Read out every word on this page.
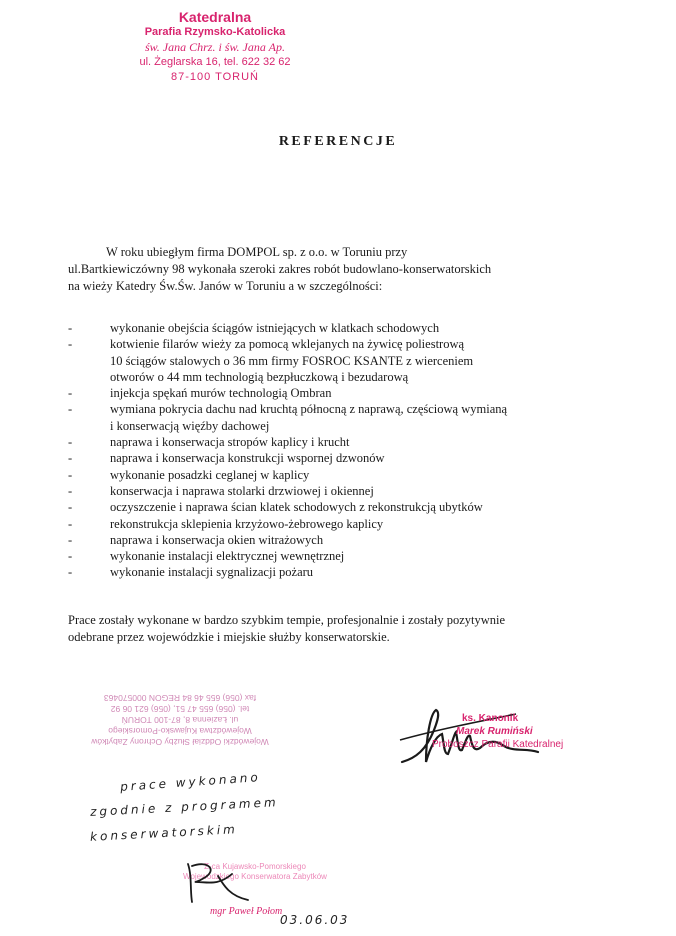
Katedralna
Parafia Rzymsko-Katolicka
św. Jana Chrz. i św. Jana Ap.
ul. Żeglarska 16, tel. 622 32 62
87-100 TORUŃ
REFERENCJE
W roku ubiegłym firma DOMPOL sp. z o.o. w Toruniu przy
ul.Bartkiewiczówny 98 wykonała szeroki zakres robót budowlano-konserwatorskich
na wieży Katedry Św.Św. Janów w Toruniu a w szczególności:
-	wykonanie obejścia ściągów istniejących w klatkach schodowych
-	kotwienie filarów wieży za pomocą wklejanych na żywicę poliestrową
10 ściągów stalowych o 36 mm firmy FOSROC KSANTE z wierceniem
otworów o 44 mm technologią bezpłuczkową i bezudarową
-	injekcja spękań murów technologią Ombran
-	wymiana pokrycia dachu nad kruchtą północną z naprawą, częściową wymianą
i konserwacją więźby dachowej
-	naprawa i konserwacja stropów kaplicy i krucht
-	naprawa i konserwacja konstrukcji wspornej dzwonów
-	wykonanie posadzki ceglanej w kaplicy
-	konserwacja i naprawa stolarki drzwiowej i okiennej
-	oczyszczenie i naprawa ścian klatek schodowych z rekonstrukcją ubytków
-	rekonstrukcja sklepienia krzyżowo-żebrowego kaplicy
-	naprawa i konserwacja okien witrażowych
-	wykonanie instalacji elektrycznej wewnętrznej
-	wykonanie instalacji sygnalizacji pożaru
Prace zostały wykonane w bardzo szybkim tempie, profesjonalnie i zostały pozytywnie
odebrane przez wojewódzkie i miejskie służby konserwatorskie.
Wojewódzki Oddział Służby Ochrony Zabytków
Województwa Kujawsko-Pomorskiego
ul. Łaziennа 8, 87-100 TORUŃ
tel. (056) 655 47 51, (056) 621 06 92
fax (056) 655 46 84 REGON 000570463
prace wykonano
zgodnie z programem
konserwatorskim
ks. Kanonik
Marek Rumiński
Proboszcz Parafii Katedralnej
Z-ca Kujawsko-Pomorskiego
Wojewódzkiego Konserwatora Zabytków
mgr Paweł Połom
03.06.03
